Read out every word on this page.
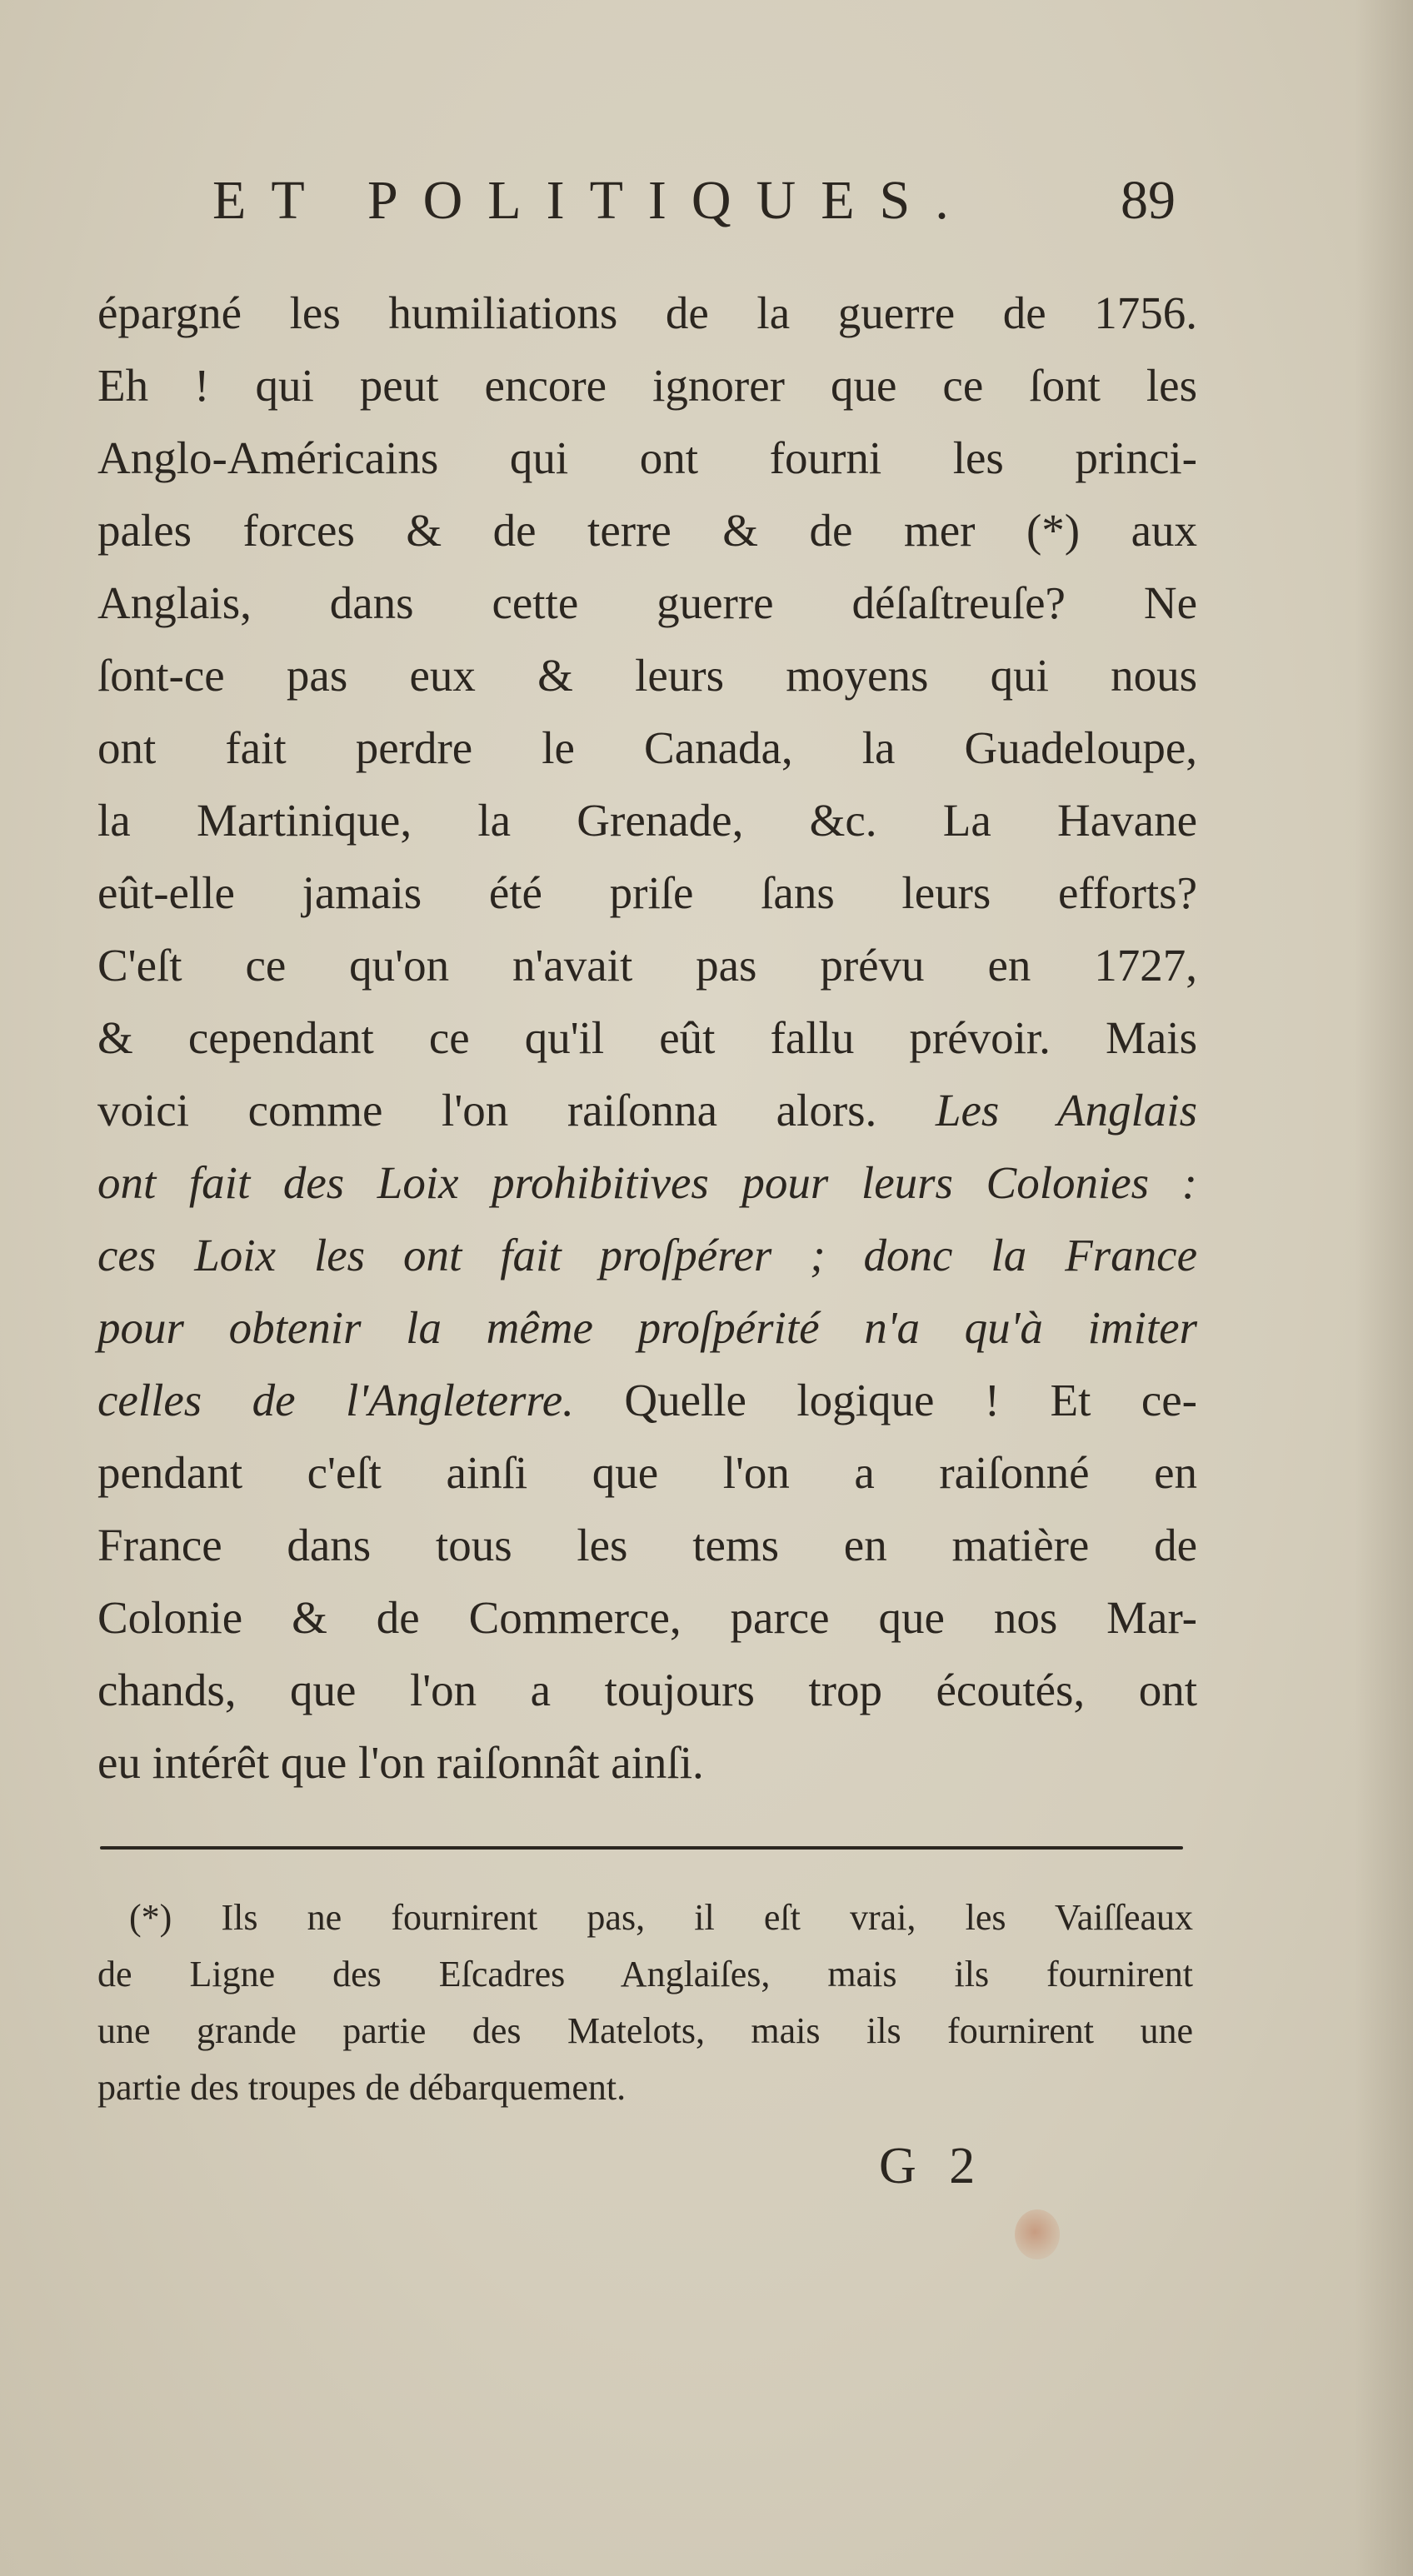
ET POLITIQUES.	89
épargné les humiliations de la guerre de 1756.
Eh ! qui peut encore ignorer que ce ſont les
Anglo-Américains qui ont fourni les princi-
pales forces & de terre & de mer (*) aux
Anglais, dans cette guerre déſaſtreuſe? Ne
ſont-ce pas eux & leurs moyens qui nous
ont fait perdre le Canada, la Guadeloupe,
la Martinique, la Grenade, &c. La Havane
eût-elle jamais été priſe ſans leurs efforts?
C'eſt ce qu'on n'avait pas prévu en 1727,
& cependant ce qu'il eût fallu prévoir. Mais
voici comme l'on raiſonna alors. Les Anglais
ont fait des Loix prohibitives pour leurs Colonies :
ces Loix les ont fait proſpérer ; donc la France
pour obtenir la même proſpérité n'a qu'à imiter
celles de l'Angleterre. Quelle logique ! Et ce-
pendant c'eſt ainſi que l'on a raiſonné en
France dans tous les tems en matière de
Colonie & de Commerce, parce que nos Mar-
chands, que l'on a toujours trop écoutés, ont
eu intérêt que l'on raiſonnât ainſi.
(*) Ils ne fournirent pas, il eſt vrai, les Vaiſſeaux
de Ligne des Eſcadres Anglaiſes, mais ils fournirent
une grande partie des Matelots, mais ils fournirent une
partie des troupes de débarquement.
G 2
